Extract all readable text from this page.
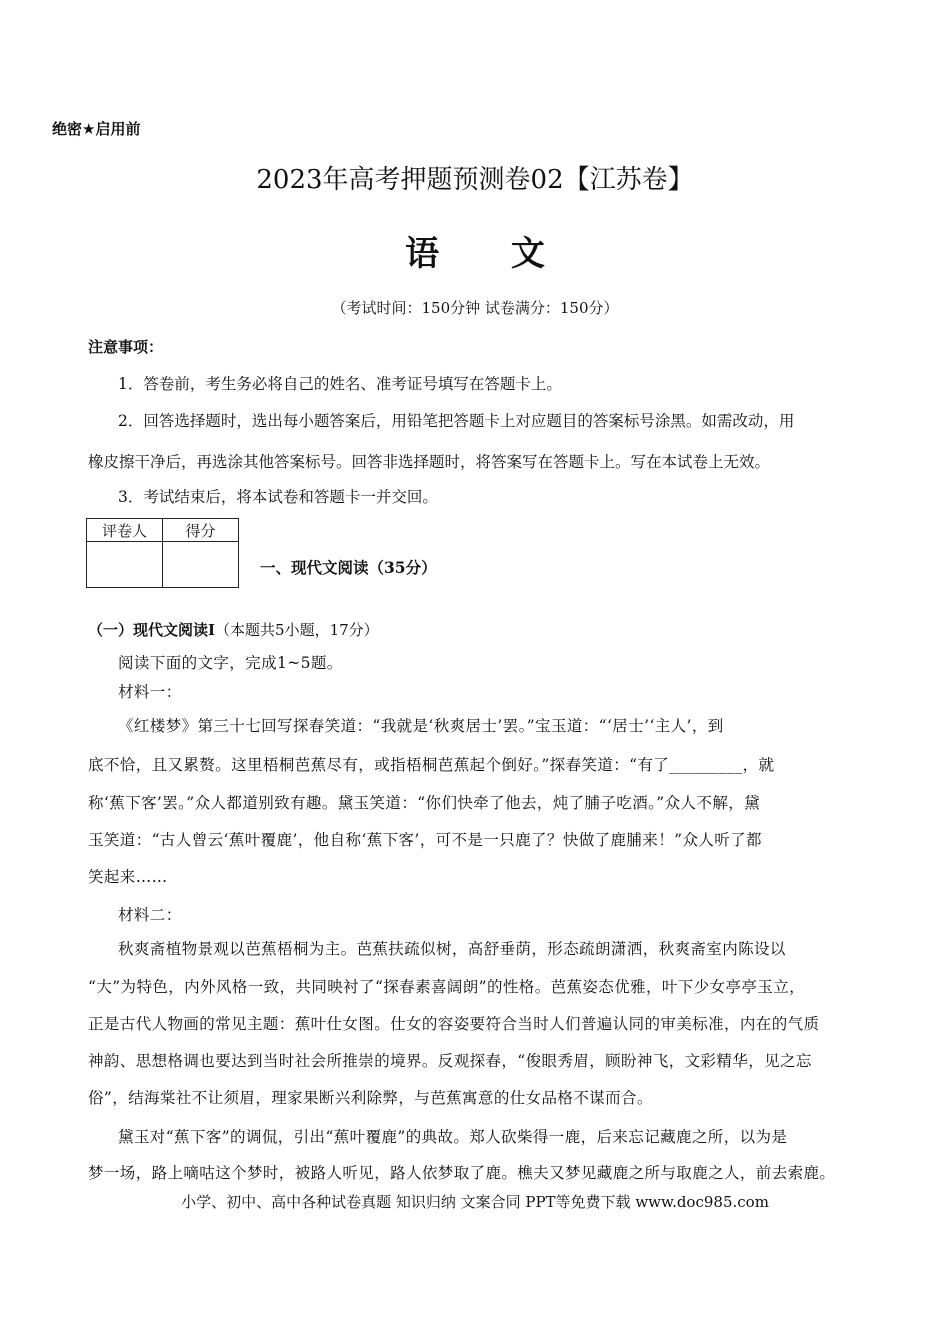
绝密★启用前
2023年高考押题预测卷02【江苏卷】
语 文
（考试时间：150分钟 试卷满分：150分）
注意事项：
1．答卷前，考生务必将自己的姓名、准考证号填写在答题卡上。
2．回答选择题时，选出每小题答案后，用铅笔把答题卡上对应题目的答案标号涂黑。如需改动，用
橡皮擦干净后，再选涂其他答案标号。回答非选择题时，将答案写在答题卡上。写在本试卷上无效。
3．考试结束后，将本试卷和答题卡一并交回。
评卷人	得分

一、现代文阅读（35分）
（一）现代文阅读Ⅰ（本题共5小题，17分）
阅读下面的文字，完成1~5题。
材料一：
《红楼梦》第三十七回写探春笑道：“我就是‘秋爽居士’罢。”宝玉道：“‘居士’‘主人’，到
底不恰，且又累赘。这里梧桐芭蕉尽有，或指梧桐芭蕉起个倒好。”探春笑道：“有了_________，就
称‘蕉下客’罢。”众人都道别致有趣。黛玉笑道：“你们快牵了他去，炖了脯子吃酒。”众人不解，黛
玉笑道：“古人曾云‘蕉叶覆鹿’，他自称‘蕉下客’，可不是一只鹿了？快做了鹿脯来！”众人听了都
笑起来……
材料二：
秋爽斋植物景观以芭蕉梧桐为主。芭蕉扶疏似树，高舒垂荫，形态疏朗潇洒，秋爽斋室内陈设以
“大”为特色，内外风格一致，共同映衬了“探春素喜阔朗”的性格。芭蕉姿态优雅，叶下少女亭亭玉立，
正是古代人物画的常见主题：蕉叶仕女图。仕女的容姿要符合当时人们普遍认同的审美标准，内在的气质
神韵、思想格调也要达到当时社会所推崇的境界。反观探春，“俊眼秀眉，顾盼神飞，文彩精华，见之忘
俗”，结海棠社不让须眉，理家果断兴利除弊，与芭蕉寓意的仕女品格不谋而合。
黛玉对“蕉下客”的调侃，引出“蕉叶覆鹿”的典故。郑人砍柴得一鹿，后来忘记藏鹿之所，以为是
梦一场，路上嘀咕这个梦时，被路人听见，路人依梦取了鹿。樵夫又梦见藏鹿之所与取鹿之人，前去索鹿。
小学、初中、高中各种试卷真题 知识归纳 文案合同 PPT等免费下载 www.doc985.com
